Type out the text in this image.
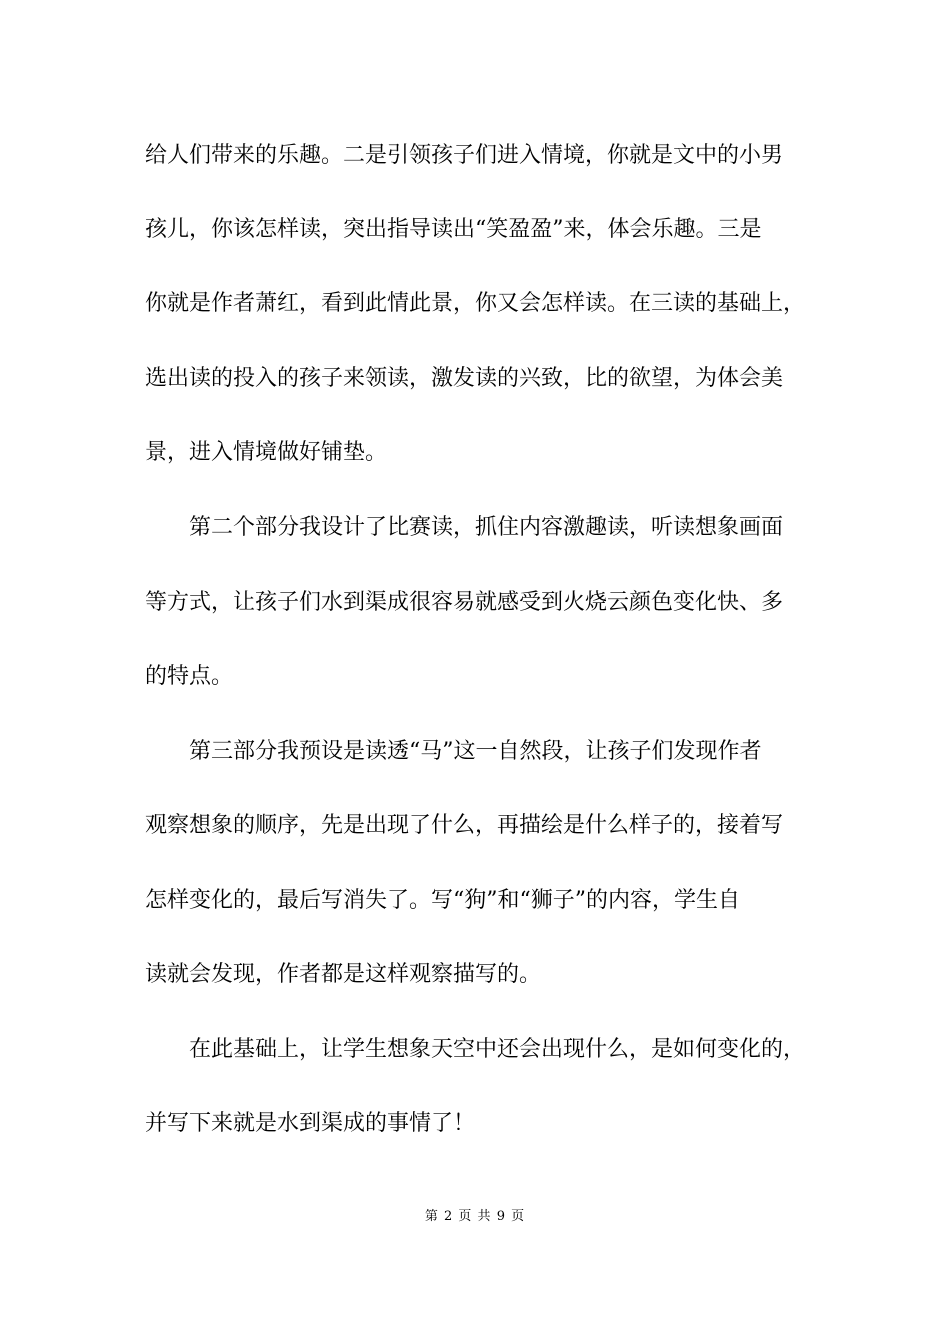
给人们带来的乐趣。二是引领孩子们进入情境，你就是文中的小男
孩儿，你该怎样读，突出指导读出“笑盈盈”来，体会乐趣。三是
你就是作者萧红，看到此情此景，你又会怎样读。在三读的基础上，
选出读的投入的孩子来领读，激发读的兴致，比的欲望，为体会美
景，进入情境做好铺垫。
第二个部分我设计了比赛读，抓住内容激趣读，听读想象画面
等方式，让孩子们水到渠成很容易就感受到火烧云颜色变化快、多
的特点。
第三部分我预设是读透“马”这一自然段，让孩子们发现作者
观察想象的顺序，先是出现了什么，再描绘是什么样子的，接着写
怎样变化的，最后写消失了。写“狗”和“狮子”的内容，学生自
读就会发现，作者都是这样观察描写的。
在此基础上，让学生想象天空中还会出现什么，是如何变化的，
并写下来就是水到渠成的事情了！
第 2 页 共 9 页
